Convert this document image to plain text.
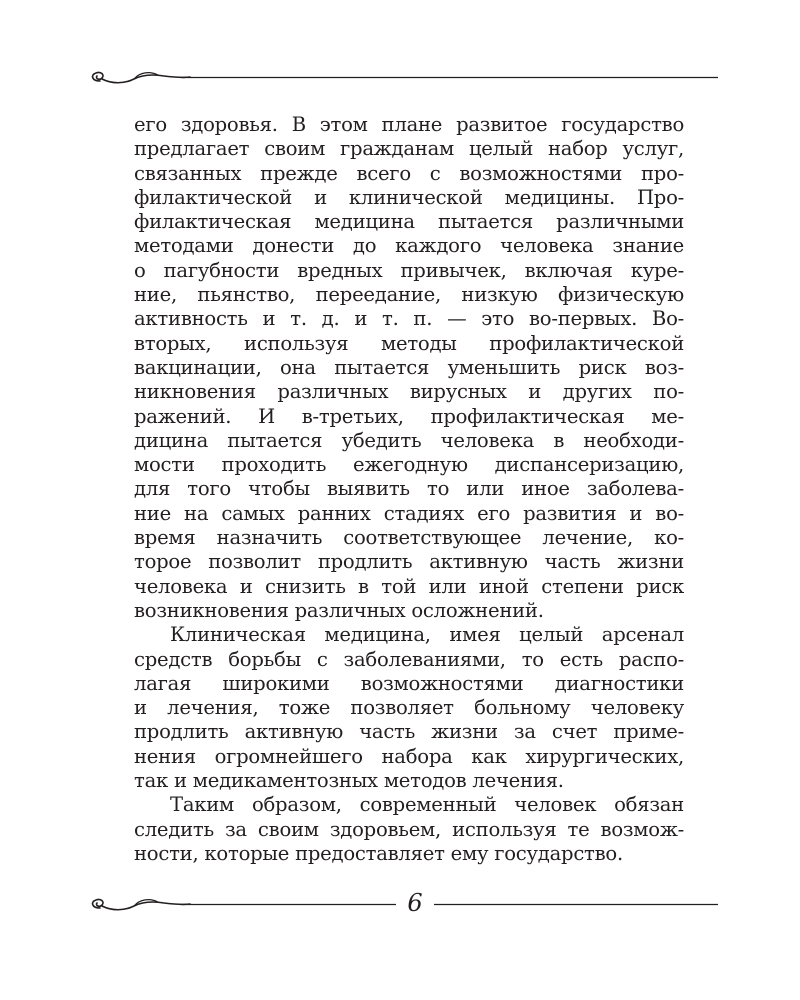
его здоровья. В этом плане развитое государство
предлагает своим гражданам целый набор услуг,
связанных прежде всего с возможностями про-
филактической и клинической медицины. Про-
филактическая медицина пытается различными
методами донести до каждого человека знание
о пагубности вредных привычек, включая куре-
ние, пьянство, переедание, низкую физическую
активность и т. д. и т. п. — это во-первых. Во-
вторых, используя методы профилактической
вакцинации, она пытается уменьшить риск воз-
никновения различных вирусных и других по-
ражений. И в-третьих, профилактическая ме-
дицина пытается убедить человека в необходи-
мости проходить ежегодную диспансеризацию,
для того чтобы выявить то или иное заболева-
ние на самых ранних стадиях его развития и во-
время назначить соответствующее лечение, ко-
торое позволит продлить активную часть жизни
человека и снизить в той или иной степени риск
возникновения различных осложнений.
Клиническая медицина, имея целый арсенал
средств борьбы с заболеваниями, то есть распо-
лагая широкими возможностями диагностики
и лечения, тоже позволяет больному человеку
продлить активную часть жизни за счет приме-
нения огромнейшего набора как хирургических,
так и медикаментозных методов лечения.
Таким образом, современный человек обязан
следить за своим здоровьем, используя те возмож-
ности, которые предоставляет ему государство.
6
